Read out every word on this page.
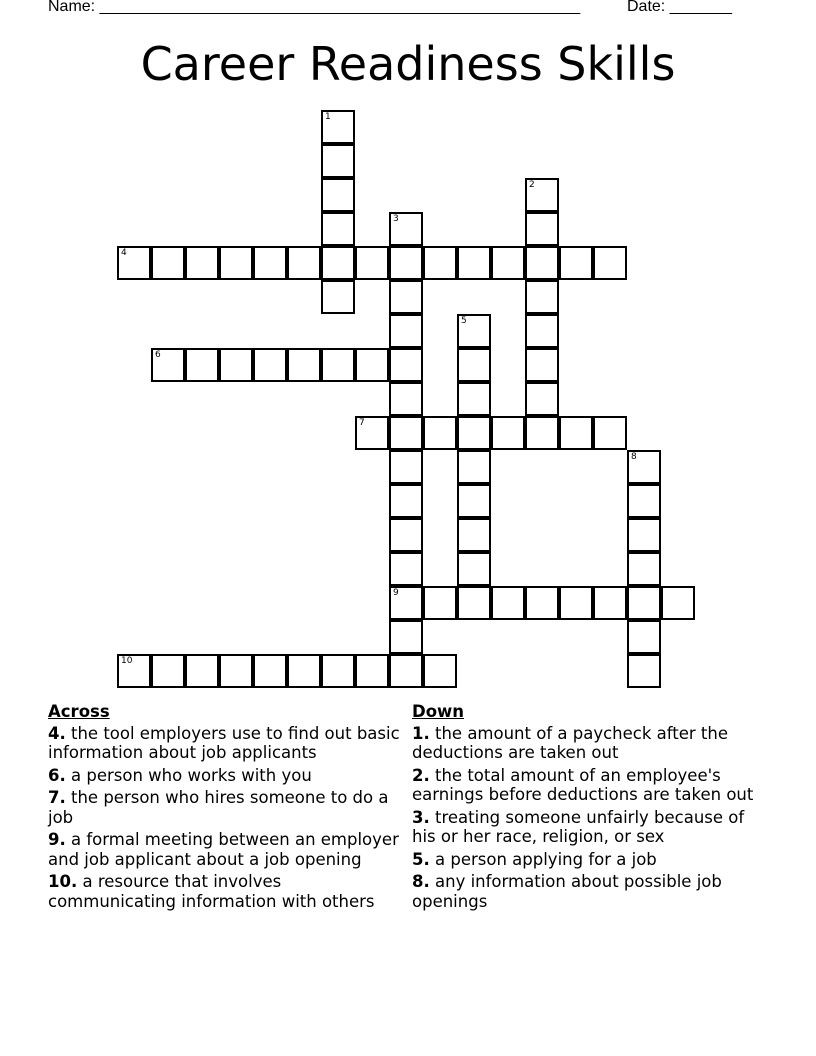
Name: ______________________________________________________	Date: _______
Career Readiness Skills
1
2
3
9
4
5
6
7
8
10
Across
4. the tool employers use to find out basic information about job applicants
6. a person who works with you
7. the person who hires someone to do a job
9. a formal meeting between an employer and job applicant about a job opening
10. a resource that involves communicating information with others
Down
1. the amount of a paycheck after the deductions are taken out
2. the total amount of an employee's earnings before deductions are taken out
3. treating someone unfairly because of his or her race, religion, or sex
5. a person applying for a job
8. any information about possible job openings
